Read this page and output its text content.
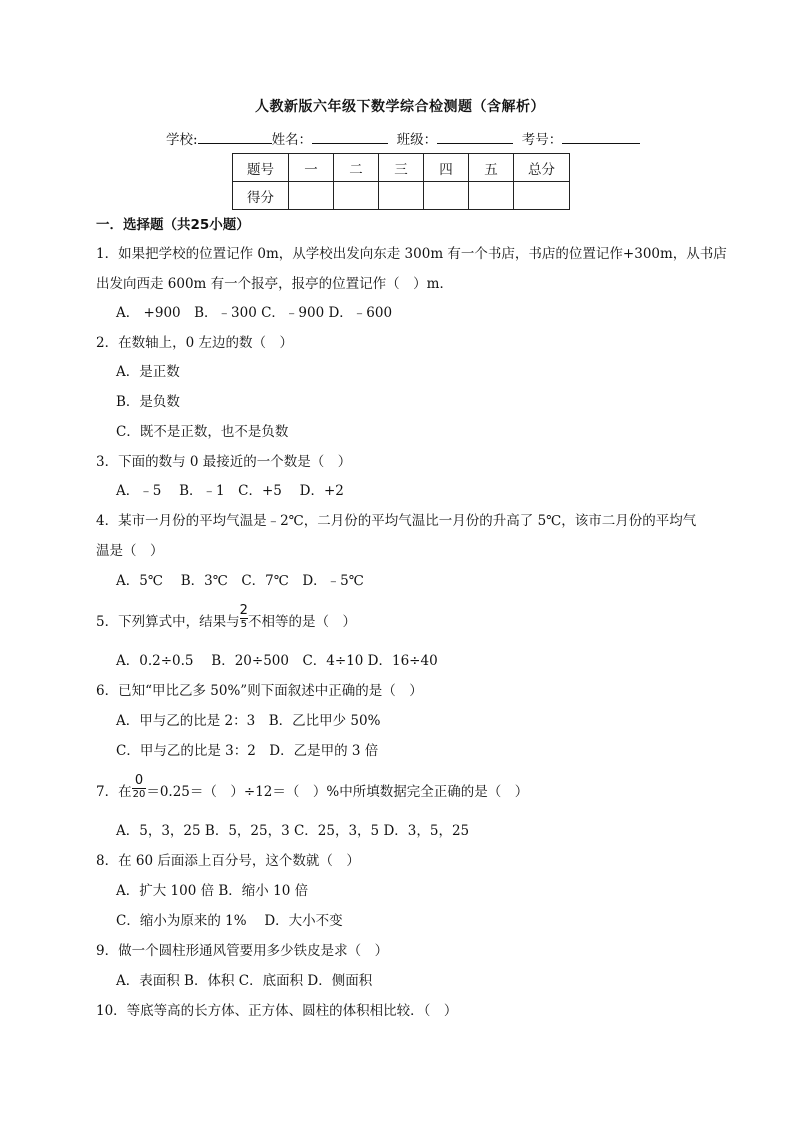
人教新版六年级下数学综合检测题（含解析）
学校:	姓名：	班级：	考号：
题号	一	二	三	四	五	总分
得分						
一．选择题（共25小题）
1．如果把学校的位置记作 0m，从学校出发向东走 300m 有一个书店，书店的位置记作+300m，从书店
出发向西走 600m 有一个报亭，报亭的位置记作（　）m．
A． +900　B．﹣300 C．﹣900 D．﹣600
2．在数轴上，0 左边的数（　）
A．是正数
B．是负数
C．既不是正数，也不是负数
3．下面的数与 0 最接近的一个数是（　）
A．﹣5　 B．﹣1　C．+5　 D．+2
4．某市一月份的平均气温是﹣2℃，二月份的平均气温比一月份的升高了 5℃，该市二月份的平均气
温是（　）
A．5℃　 B．3℃　C．7℃　D．﹣5℃
5．下列算式中，结果与 $\frac{2}{5}$ 不相等的是（　）
A．0.2÷0.5　 B．20÷500　C．4÷10 D．16÷40
6．已知“甲比乙多 50%”则下面叙述中正确的是（　）
A．甲与乙的比是 2：3　B．乙比甲少 50%
C．甲与乙的比是 3：2　D．乙是甲的 3 倍
7．在 $\frac{0}{20} =0.25=$（　）÷12＝（　）%中所填数据完全正确的是（　）
A．5，3，25 B．5，25，3 C．25，3，5 D．3，5，25
8．在 60 后面添上百分号，这个数就（　）
A．扩大 100 倍 B．缩小 10 倍
C．缩小为原来的 1%　 D．大小不变
9．做一个圆柱形通风管要用多少铁皮是求（　）
A．表面积 B．体积 C．底面积 D．侧面积
10．等底等高的长方体、正方体、圆柱的体积相比较．（　）
